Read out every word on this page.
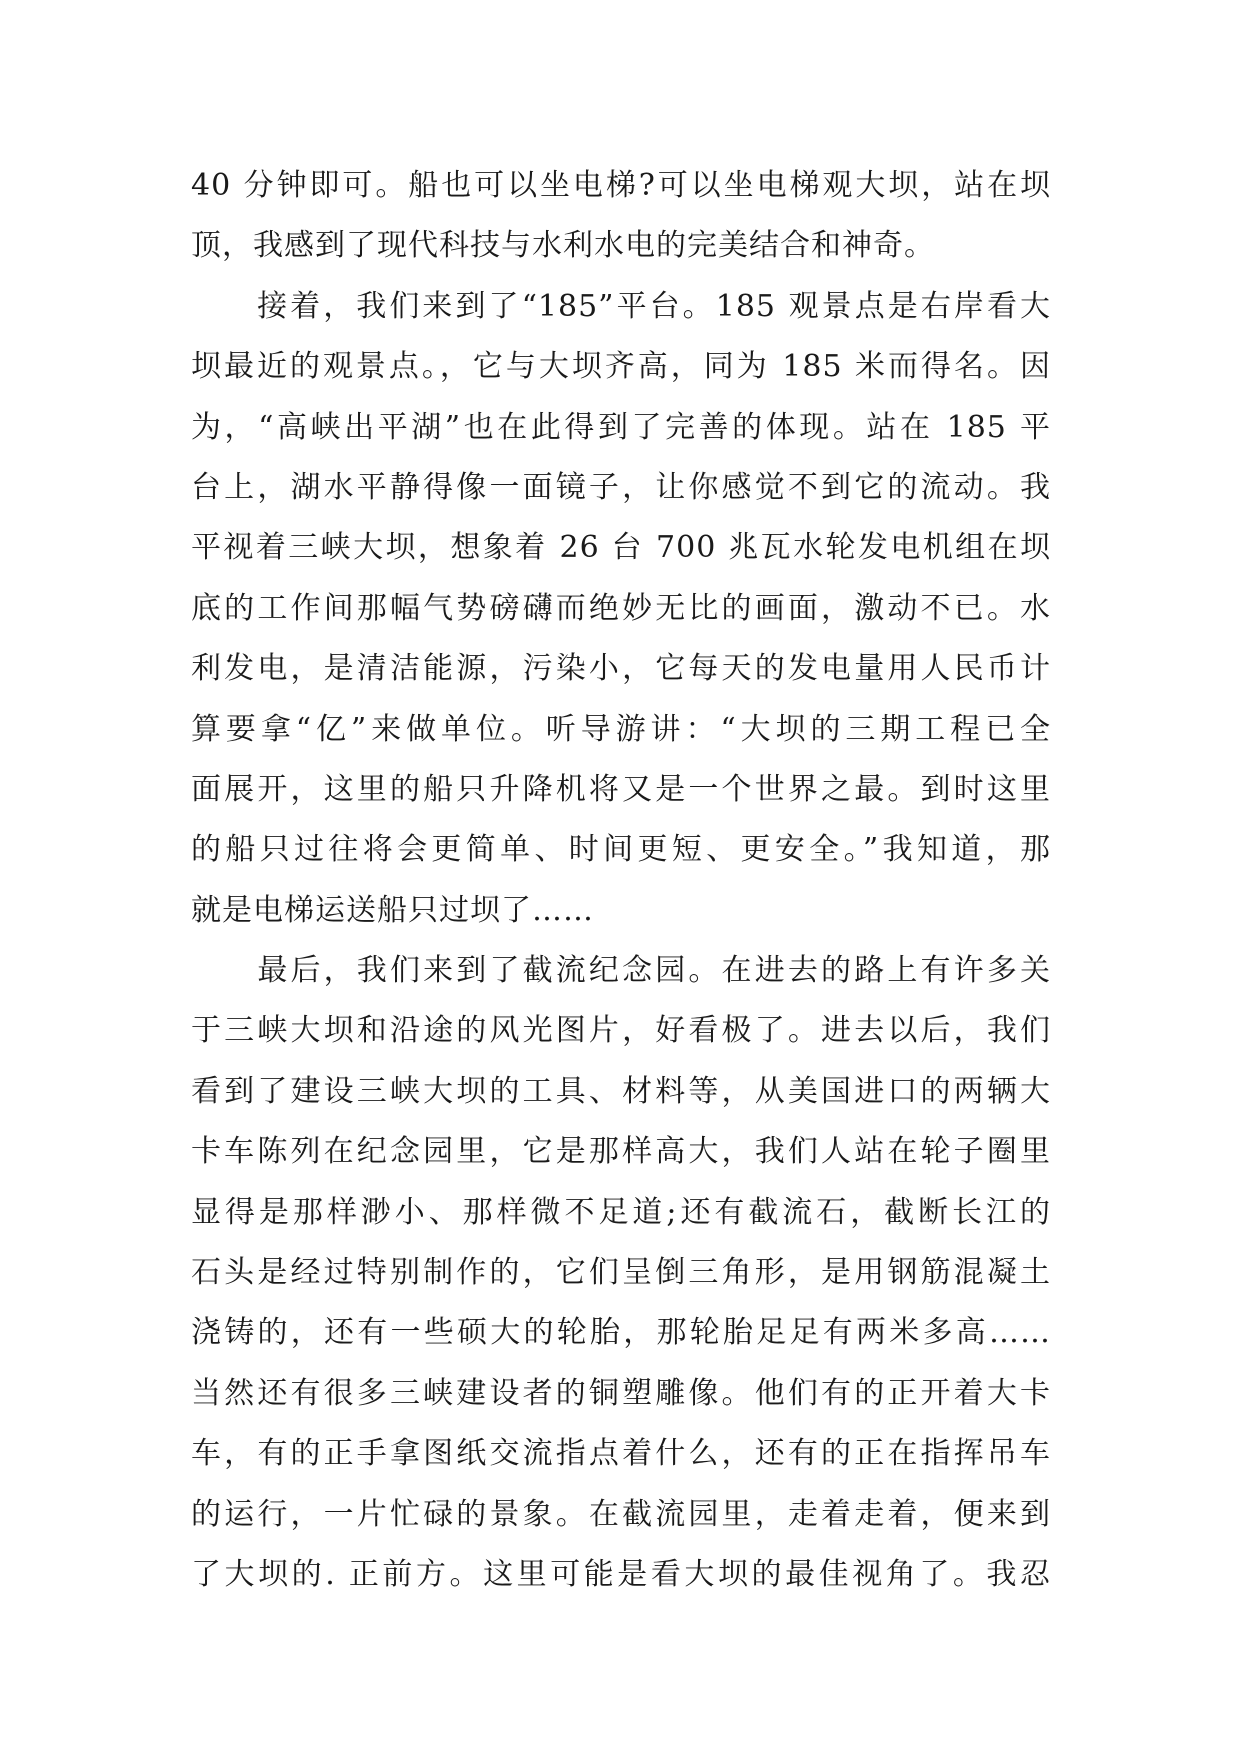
40 分钟即可。船也可以坐电梯?可以坐电梯观大坝，站在坝
顶，我感到了现代科技与水利水电的完美结合和神奇。
　　接着，我们来到了“185”平台。185 观景点是右岸看大
坝最近的观景点。，它与大坝齐高，同为 185 米而得名。因
为，“高峡出平湖”也在此得到了完善的体现。站在 185 平
台上，湖水平静得像一面镜子，让你感觉不到它的流动。我
平视着三峡大坝，想象着 26 台 700 兆瓦水轮发电机组在坝
底的工作间那幅气势磅礴而绝妙无比的画面，激动不已。水
利发电，是清洁能源，污染小，它每天的发电量用人民币计
算要拿“亿”来做单位。听导游讲：“大坝的三期工程已全
面展开，这里的船只升降机将又是一个世界之最。到时这里
的船只过往将会更简单、时间更短、更安全。”我知道，那
就是电梯运送船只过坝了……
　　最后，我们来到了截流纪念园。在进去的路上有许多关
于三峡大坝和沿途的风光图片，好看极了。进去以后，我们
看到了建设三峡大坝的工具、材料等，从美国进口的两辆大
卡车陈列在纪念园里，它是那样高大，我们人站在轮子圈里
显得是那样渺小、那样微不足道;还有截流石，截断长江的
石头是经过特别制作的，它们呈倒三角形，是用钢筋混凝土
浇铸的，还有一些硕大的轮胎，那轮胎足足有两米多高……
当然还有很多三峡建设者的铜塑雕像。他们有的正开着大卡
车，有的正手拿图纸交流指点着什么，还有的正在指挥吊车
的运行，一片忙碌的景象。在截流园里，走着走着，便来到
了大坝的. 正前方。这里可能是看大坝的最佳视角了。我忍
